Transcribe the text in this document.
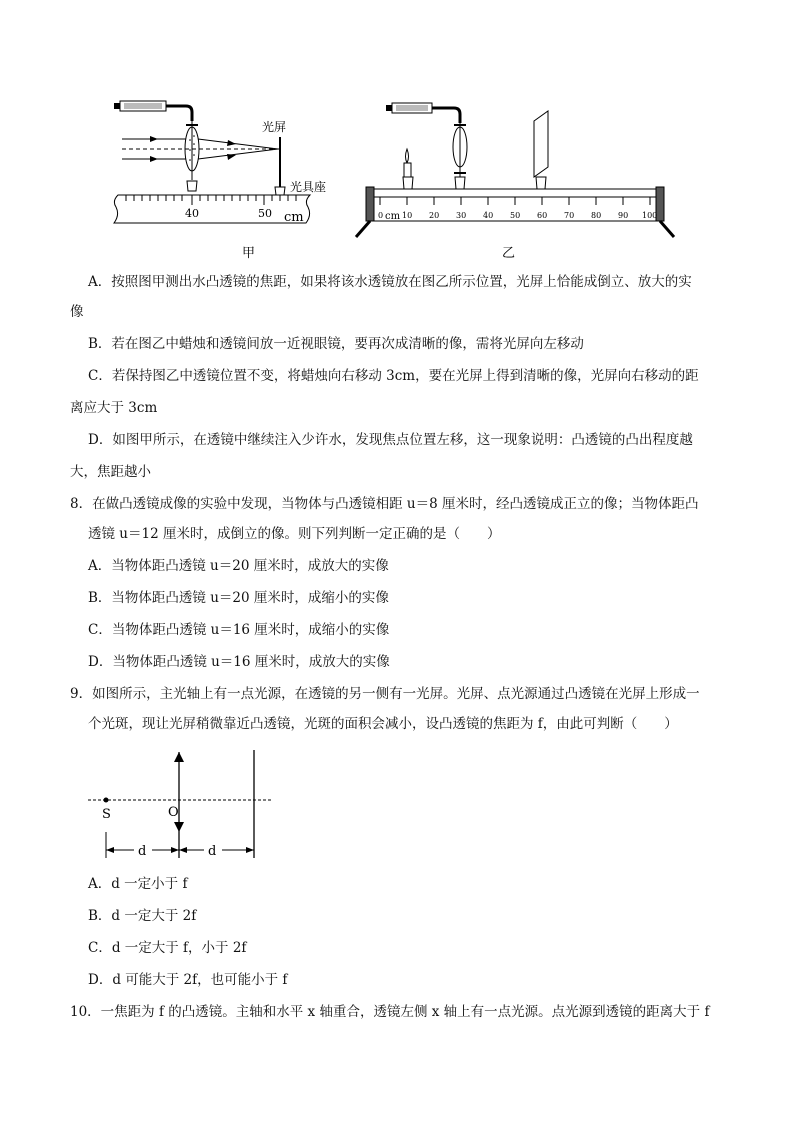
光屏
光具座
40	50 cm
甲
0 cm 10 20 30 40 50 60 70 80 90 100
乙
A．按照图甲测出水凸透镜的焦距，如果将该水透镜放在图乙所示位置，光屏上恰能成倒立、放大的实
像
B．若在图乙中蜡烛和透镜间放一近视眼镜，要再次成清晰的像，需将光屏向左移动
C．若保持图乙中透镜位置不变，将蜡烛向右移动 3cm，要在光屏上得到清晰的像，光屏向右移动的距
离应大于 3cm
D．如图甲所示，在透镜中继续注入少许水，发现焦点位置左移，这一现象说明：凸透镜的凸出程度越
大，焦距越小
8．在做凸透镜成像的实验中发现，当物体与凸透镜相距 u＝8 厘米时，经凸透镜成正立的像；当物体距凸
透镜 u＝12 厘米时，成倒立的像。则下列判断一定正确的是（　　）
A．当物体距凸透镜 u＝20 厘米时，成放大的实像
B．当物体距凸透镜 u＝20 厘米时，成缩小的实像
C．当物体距凸透镜 u＝16 厘米时，成缩小的实像
D．当物体距凸透镜 u＝16 厘米时，成放大的实像
9．如图所示，主光轴上有一点光源，在透镜的另一侧有一光屏。光屏、点光源通过凸透镜在光屏上形成一
个光斑，现让光屏稍微靠近凸透镜，光斑的面积会减小，设凸透镜的焦距为 f，由此可判断（　　）
S	O
d	d
A．d 一定小于 f
B．d 一定大于 2f
C．d 一定大于 f，小于 2f
D．d 可能大于 2f，也可能小于 f
10．一焦距为 f 的凸透镜。主轴和水平 x 轴重合，透镜左侧 x 轴上有一点光源。点光源到透镜的距离大于 f
